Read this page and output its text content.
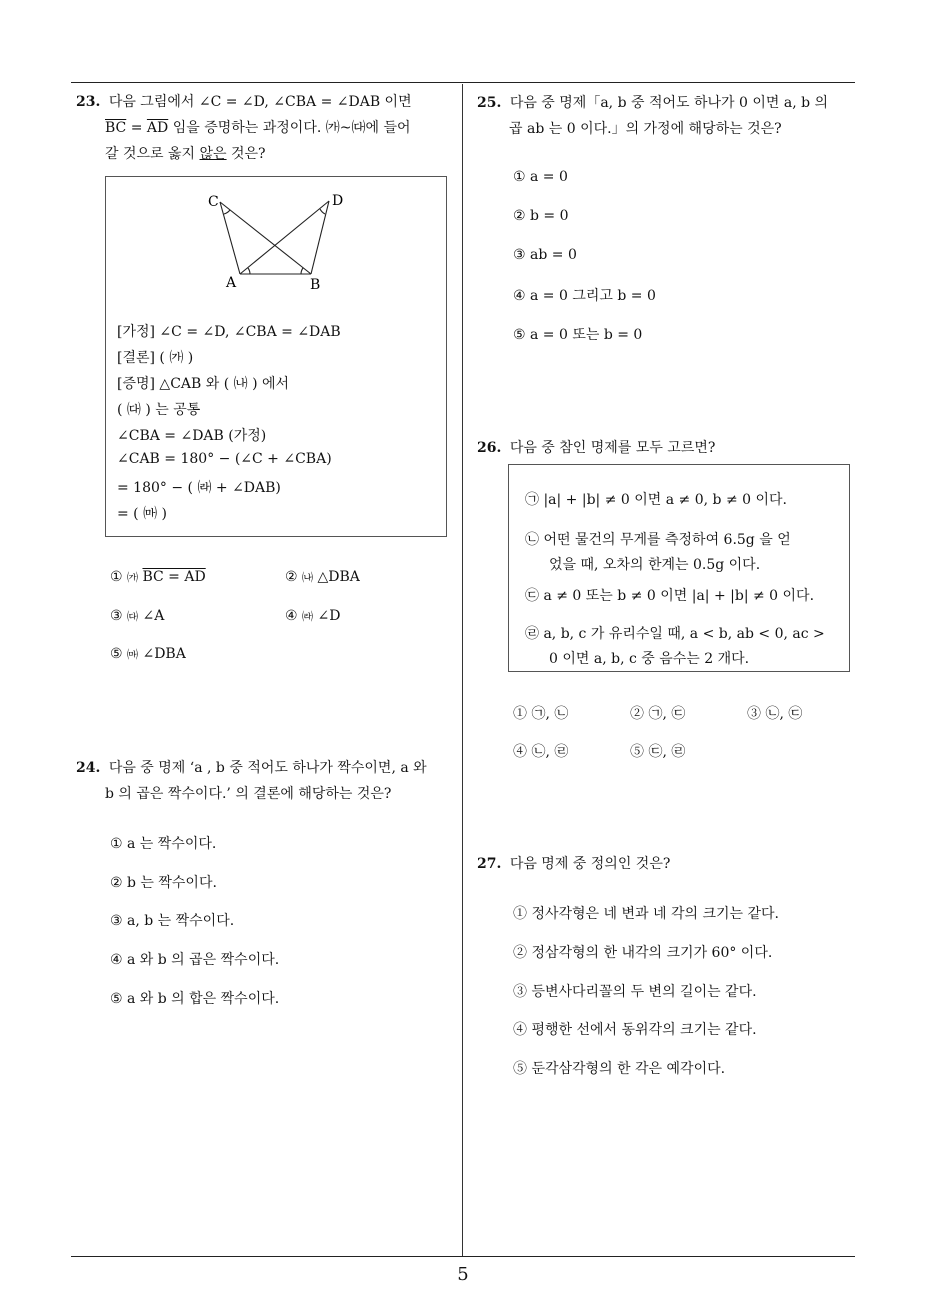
23. 다음 그림에서 ∠C = ∠D, ∠CBA = ∠DAB 이면
$\overline{BC} = \overline{AD}$ 임을 증명하는 과정이다. ㈎~㈐에 들어
갈 것으로 옳지 않은 것은?
C	D
A	B
[가정] ∠C = ∠D, ∠CBA = ∠DAB
[결론] ( ㈎ )
[증명] △CAB 와 ( ㈏ ) 에서
( ㈐ ) 는 공통
∠CBA = ∠DAB (가정)
∠CAB = 180° − (∠C + ∠CBA)
= 180° − ( ㈑ + ∠DAB)
= ( ㈒ )
① ㈎ BC = AD	② ㈏ △DBA
③ ㈐ ∠A	④ ㈑ ∠D
⑤ ㈒ ∠DBA
24. 다음 중 명제 ‘a , b 중 적어도 하나가 짝수이면, a 와
b 의 곱은 짝수이다.’ 의 결론에 해당하는 것은?
① a 는 짝수이다.
② b 는 짝수이다.
③ a, b 는 짝수이다.
④ a 와 b 의 곱은 짝수이다.
⑤ a 와 b 의 합은 짝수이다.
25. 다음 중 명제「a, b 중 적어도 하나가 0 이면 a, b 의
곱 ab 는 0 이다.」의 가정에 해당하는 것은?
① a = 0
② b = 0
③ ab = 0
④ a = 0 그리고 b = 0
⑤ a = 0 또는 b = 0
26. 다음 중 참인 명제를 모두 고르면?
㉠ |a| + |b| ≠ 0 이면 a ≠ 0, b ≠ 0 이다.
㉡ 어떤 물건의 무게를 측정하여 6.5g 을 얻
었을 때, 오차의 한계는 0.5g 이다.
㉢ a ≠ 0 또는 b ≠ 0 이면 |a| + |b| ≠ 0 이다.
㉣ a, b, c 가 유리수일 때, a < b, ab < 0, ac >
0 이면 a, b, c 중 음수는 2 개다.
① ㉠, ㉡	② ㉠, ㉢	③ ㉡, ㉢
④ ㉡, ㉣	⑤ ㉢, ㉣
27. 다음 명제 중 정의인 것은?
① 정사각형은 네 변과 네 각의 크기는 같다.
② 정삼각형의 한 내각의 크기가 60° 이다.
③ 등변사다리꼴의 두 변의 길이는 같다.
④ 평행한 선에서 동위각의 크기는 같다.
⑤ 둔각삼각형의 한 각은 예각이다.
5
